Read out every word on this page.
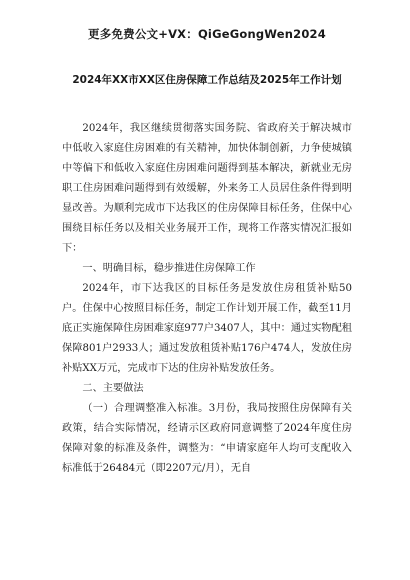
更多免费公文+VX：QiGeGongWen2024
2024年XX市XX区住房保障工作总结及2025年工作计划

2024年，我区继续贯彻落实国务院、省政府关于解决城市中低收入家庭住房困难的有关精神，加快体制创新，力争使城镇中等偏下和低收入家庭住房困难问题得到基本解决，新就业无房职工住房困难问题得到有效缓解，外来务工人员居住条件得到明显改善。为顺利完成市下达我区的住房保障目标任务，住保中心围绕目标任务以及相关业务展开工作，现将工作落实情况汇报如下：

一、明确目标，稳步推进住房保障工作

2024年，市下达我区的目标任务是发放住房租赁补贴50户。住保中心按照目标任务，制定工作计划开展工作，截至11月底正实施保障住房困难家庭977户3407人，其中：通过实物配租保障801户2933人；通过发放租赁补贴176户474人，发放住房补贴XX万元，完成市下达的住房补贴发放任务。

二、主要做法

（一）合理调整准入标准。3月份，我局按照住房保障有关政策，结合实际情况，经请示区政府同意调整了2024年度住房保障对象的标准及条件，调整为：“申请家庭年人均可支配收入标准低于26484元（即2207元/月），无自
